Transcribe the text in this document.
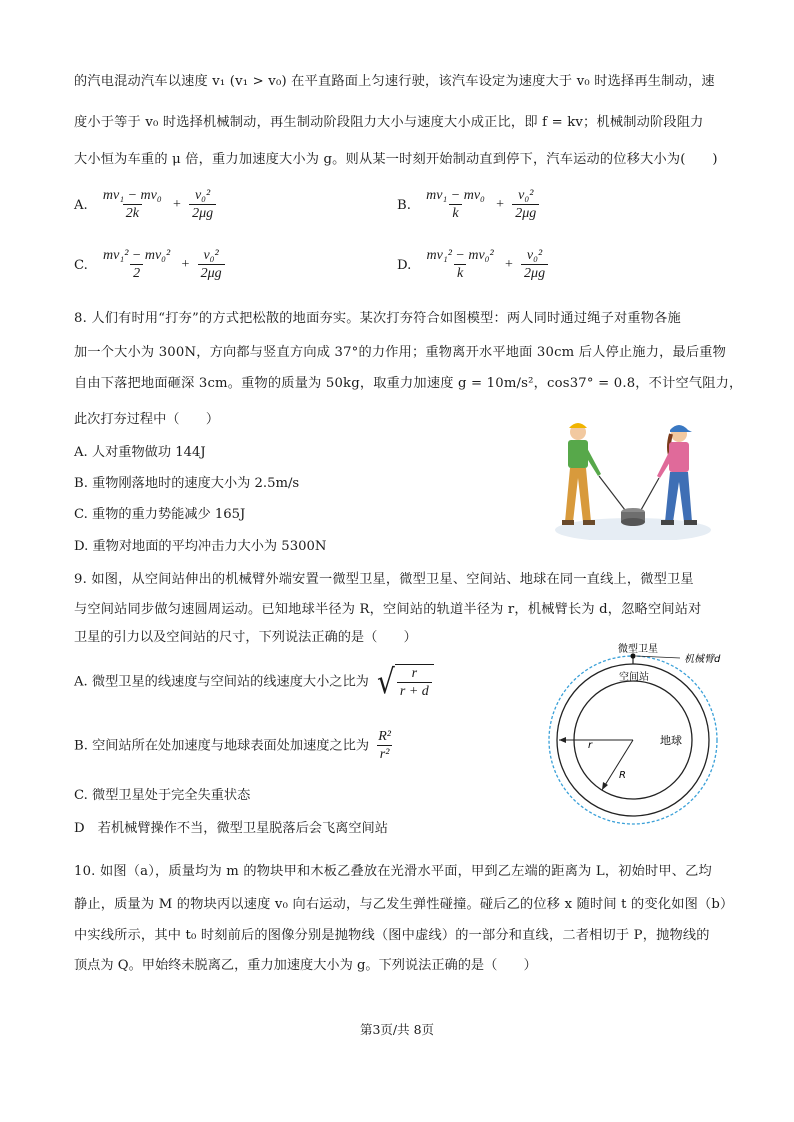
的汽电混动汽车以速度 v₁ (v₁ > v₀) 在平直路面上匀速行驶，该汽车设定为速度大于 v₀ 时选择再生制动，速
度小于等于 v₀ 时选择机械制动，再生制动阶段阻力大小与速度大小成正比，即 f = kv；机械制动阶段阻力
大小恒为车重的 μ 倍，重力加速度大小为 g。则从某一时刻开始制动直到停下，汽车运动的位移大小为(　　)
A. $\frac{\text{mv₁ − mv₀}}{2k} + \frac{\text{v₀²}}{2\mu g}$	B. $\frac{\text{mv₁ − mv₀}}{k} + \frac{\text{v₀²}}{2\mu g}$
C. $\frac{\text{mv₁² − mv₀²}}{2} + \frac{\text{v₀²}}{2\mu g}$	D. $\frac{\text{mv₁² − mv₀²}}{k} + \frac{\text{v₀²}}{2\mu g}$
8. 人们有时用“打夯”的方式把松散的地面夯实。某次打夯符合如图模型：两人同时通过绳子对重物各施
加一个大小为 300N，方向都与竖直方向成 37°的力作用；重物离开水平地面 30cm 后人停止施力，最后重物
自由下落把地面砸深 3cm。重物的质量为 50kg，取重力加速度 g = 10m/s²，cos37° = 0.8，不计空气阻力，
此次打夯过程中（　　）
A. 人对重物做功 144J
B. 重物刚落地时的速度大小为 2.5m/s
C. 重物的重力势能减少 165J
D. 重物对地面的平均冲击力大小为 5300N
9. 如图，从空间站伸出的机械臂外端安置一微型卫星，微型卫星、空间站、地球在同一直线上，微型卫星
与空间站同步做匀速圆周运动。已知地球半径为 R，空间站的轨道半径为 r，机械臂长为 d，忽略空间站对
卫星的引力以及空间站的尺寸，下列说法正确的是（　　）
A. 微型卫星的线速度与空间站的线速度大小之比为 √ $\frac{r}{r + d}$
B. 空间站所在处加速度与地球表面处加速度之比为 $\frac{\text{R²}}{\text{r²}}$
C. 微型卫星处于完全失重状态
D　若机械臂操作不当，微型卫星脱落后会飞离空间站
微型卫星
机械臂d
空间站
地球
r
R
10. 如图（a），质量均为 m 的物块甲和木板乙叠放在光滑水平面，甲到乙左端的距离为 L，初始时甲、乙均
静止，质量为 M 的物块丙以速度 v₀ 向右运动，与乙发生弹性碰撞。碰后乙的位移 x 随时间 t 的变化如图（b）
中实线所示，其中 t₀ 时刻前后的图像分别是抛物线（图中虚线）的一部分和直线，二者相切于 P，抛物线的
顶点为 Q。甲始终未脱离乙，重力加速度大小为 g。下列说法正确的是（　　）
第3页/共 8页
